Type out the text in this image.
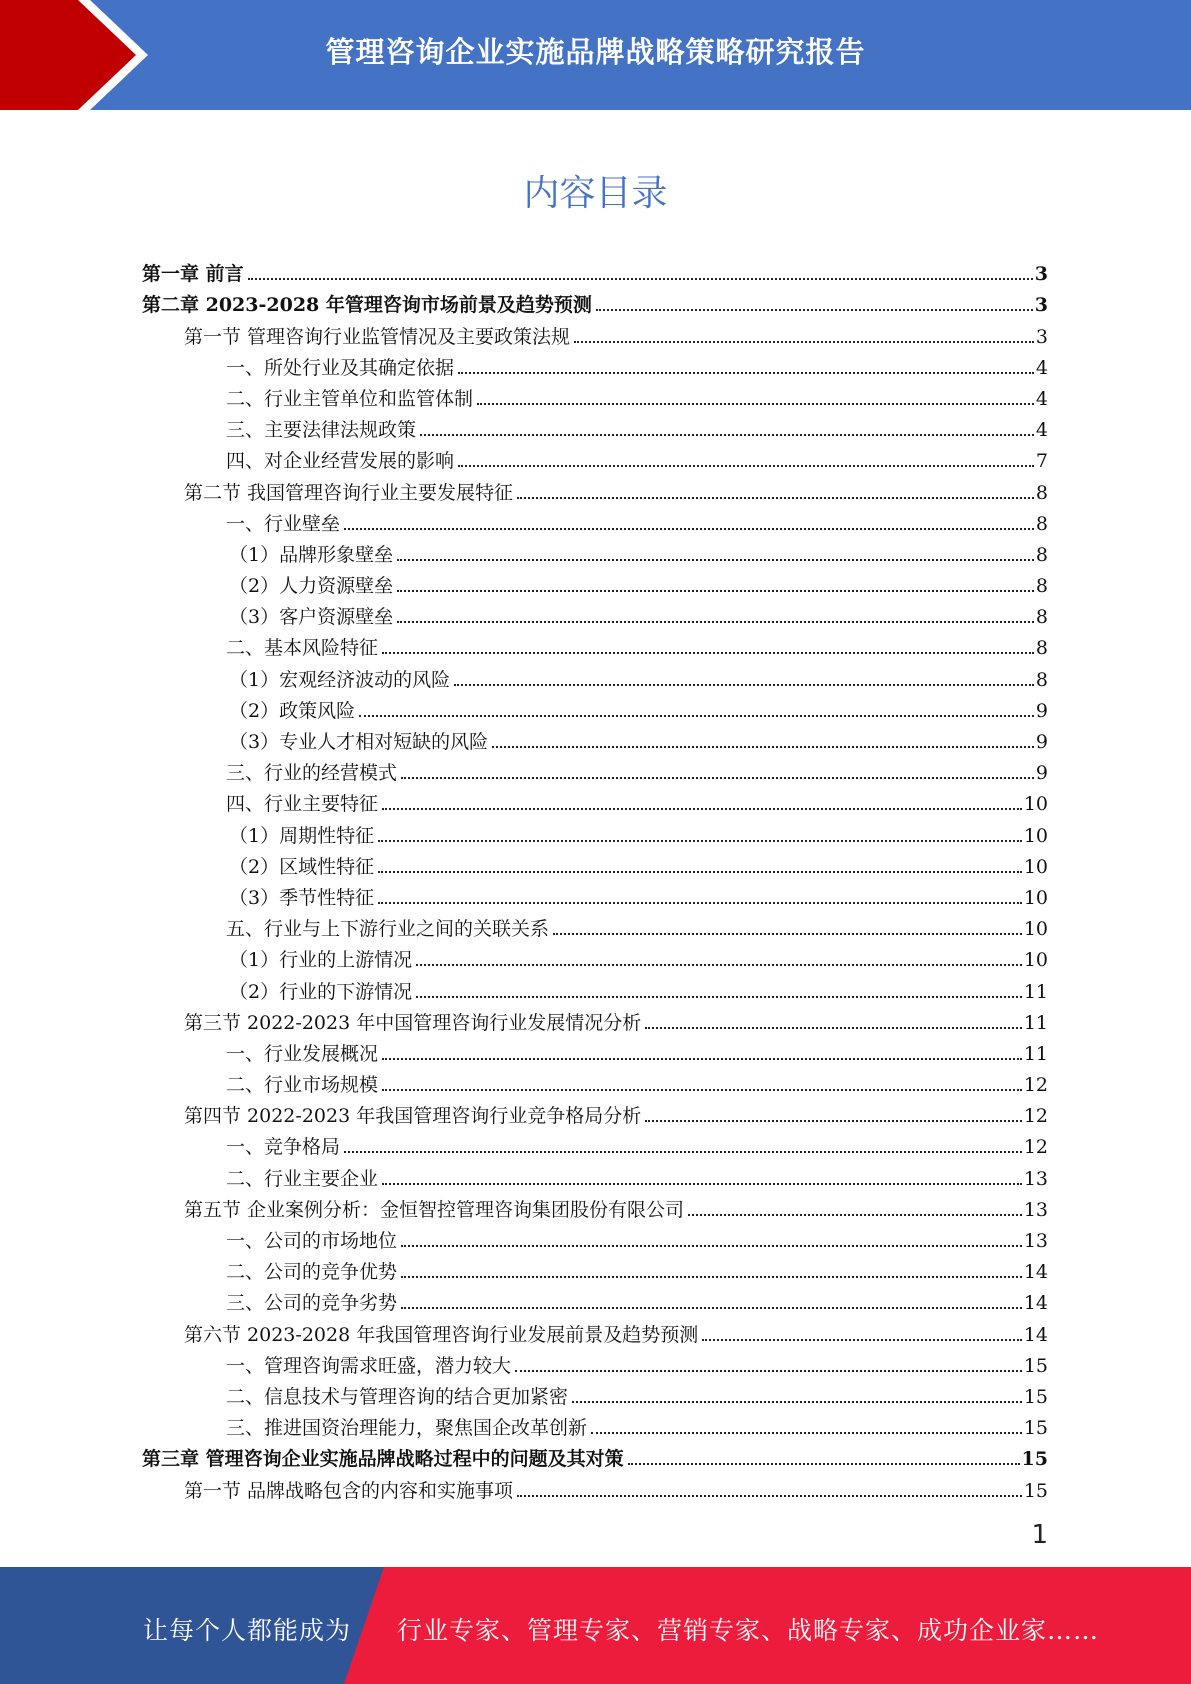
管理咨询企业实施品牌战略策略研究报告
内容目录
第一章 前言	3
第二章 2023-2028 年管理咨询市场前景及趋势预测	3
第一节 管理咨询行业监管情况及主要政策法规	3
一、所处行业及其确定依据	4
二、行业主管单位和监管体制	4
三、主要法律法规政策	4
四、对企业经营发展的影响	7
第二节 我国管理咨询行业主要发展特征	8
一、行业壁垒	8
（1）品牌形象壁垒	8
（2）人力资源壁垒	8
（3）客户资源壁垒	8
二、基本风险特征	8
（1）宏观经济波动的风险	8
（2）政策风险	9
（3）专业人才相对短缺的风险	9
三、行业的经营模式	9
四、行业主要特征	10
（1）周期性特征	10
（2）区域性特征	10
（3）季节性特征	10
五、行业与上下游行业之间的关联关系	10
（1）行业的上游情况	10
（2）行业的下游情况	11
第三节 2022-2023 年中国管理咨询行业发展情况分析	11
一、行业发展概况	11
二、行业市场规模	12
第四节 2022-2023 年我国管理咨询行业竞争格局分析	12
一、竞争格局	12
二、行业主要企业	13
第五节 企业案例分析：金恒智控管理咨询集团股份有限公司	13
一、公司的市场地位	13
二、公司的竞争优势	14
三、公司的竞争劣势	14
第六节 2023-2028 年我国管理咨询行业发展前景及趋势预测	14
一、管理咨询需求旺盛，潜力较大	15
二、信息技术与管理咨询的结合更加紧密	15
三、推进国资治理能力，聚焦国企改革创新	15
第三章 管理咨询企业实施品牌战略过程中的问题及其对策	15
第一节 品牌战略包含的内容和实施事项	15
1
让每个人都能成为 行业专家、管理专家、营销专家、战略专家、成功企业家……
